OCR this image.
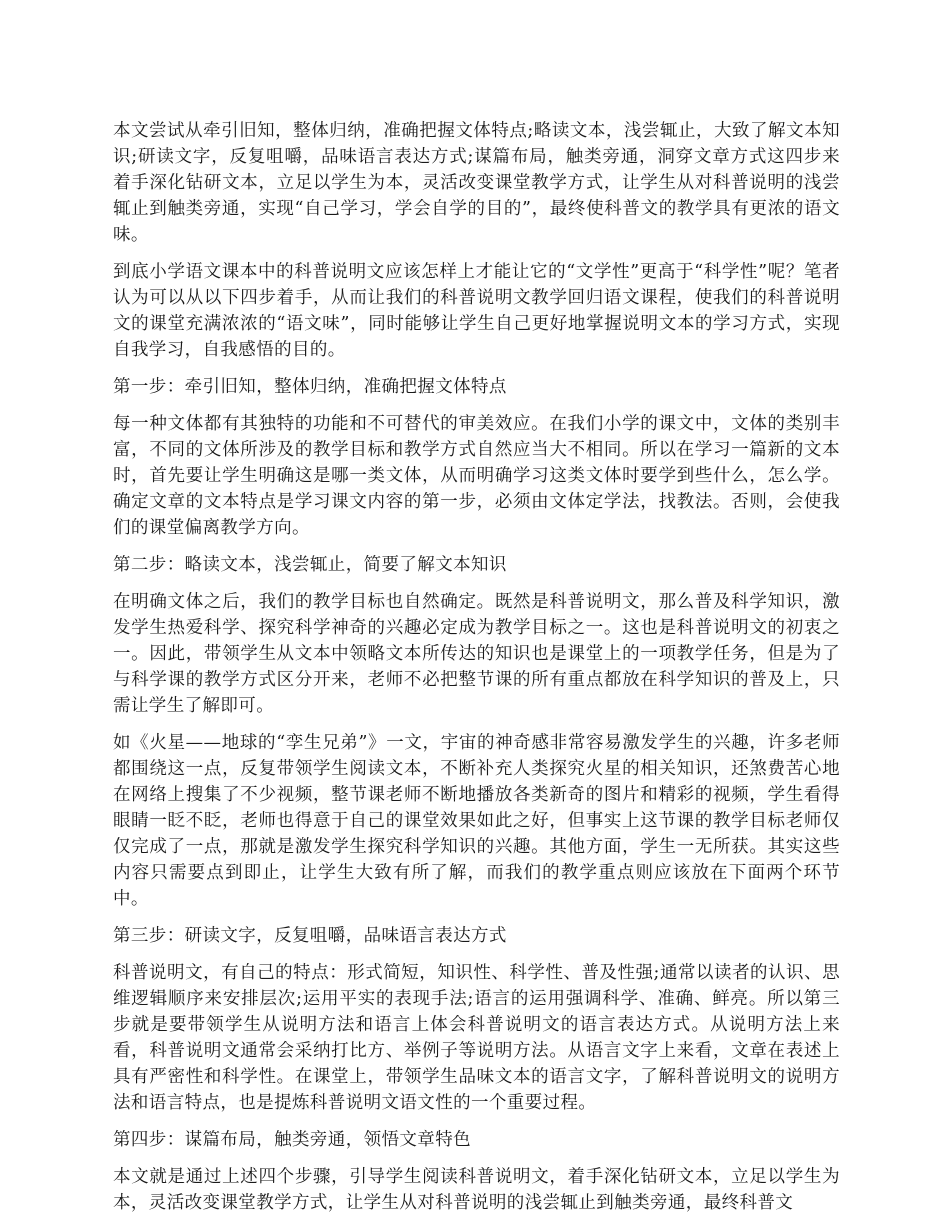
本文尝试从牵引旧知，整体归纳，准确把握文体特点;略读文本，浅尝辄止，大致了解文本知识;研读文字，反复咀嚼，品味语言表达方式;谋篇布局，触类旁通，洞穿文章方式这四步来着手深化钻研文本，立足以学生为本，灵活改变课堂教学方式，让学生从对科普说明的浅尝辄止到触类旁通，实现“自己学习，学会自学的目的”，最终使科普文的教学具有更浓的语文味。

到底小学语文课本中的科普说明文应该怎样上才能让它的“文学性”更高于“科学性”呢？笔者认为可以从以下四步着手，从而让我们的科普说明文教学回归语文课程，使我们的科普说明文的课堂充满浓浓的“语文味”，同时能够让学生自己更好地掌握说明文本的学习方式，实现自我学习，自我感悟的目的。

第一步：牵引旧知，整体归纳，准确把握文体特点

每一种文体都有其独特的功能和不可替代的审美效应。在我们小学的课文中，文体的类别丰富，不同的文体所涉及的教学目标和教学方式自然应当大不相同。所以在学习一篇新的文本时，首先要让学生明确这是哪一类文体，从而明确学习这类文体时要学到些什么，怎么学。确定文章的文本特点是学习课文内容的第一步，必须由文体定学法，找教法。否则，会使我们的课堂偏离教学方向。

第二步：略读文本，浅尝辄止，简要了解文本知识

在明确文体之后，我们的教学目标也自然确定。既然是科普说明文，那么普及科学知识，激发学生热爱科学、探究科学神奇的兴趣必定成为教学目标之一。这也是科普说明文的初衷之一。因此，带领学生从文本中领略文本所传达的知识也是课堂上的一项教学任务，但是为了与科学课的教学方式区分开来，老师不必把整节课的所有重点都放在科学知识的普及上，只需让学生了解即可。

如《火星——地球的“孪生兄弟”》一文，宇宙的神奇感非常容易激发学生的兴趣，许多老师都围绕这一点，反复带领学生阅读文本，不断补充人类探究火星的相关知识，还煞费苦心地在网络上搜集了不少视频，整节课老师不断地播放各类新奇的图片和精彩的视频，学生看得眼睛一眨不眨，老师也得意于自己的课堂效果如此之好，但事实上这节课的教学目标老师仅仅完成了一点，那就是激发学生探究科学知识的兴趣。其他方面，学生一无所获。其实这些内容只需要点到即止，让学生大致有所了解，而我们的教学重点则应该放在下面两个环节中。

第三步：研读文字，反复咀嚼，品味语言表达方式

科普说明文，有自己的特点：形式简短，知识性、科学性、普及性强;通常以读者的认识、思维逻辑顺序来安排层次;运用平实的表现手法;语言的运用强调科学、准确、鲜亮。所以第三步就是要带领学生从说明方法和语言上体会科普说明文的语言表达方式。从说明方法上来看，科普说明文通常会采纳打比方、举例子等说明方法。从语言文字上来看，文章在表述上具有严密性和科学性。在课堂上，带领学生品味文本的语言文字，了解科普说明文的说明方法和语言特点，也是提炼科普说明文语文性的一个重要过程。

第四步：谋篇布局，触类旁通，领悟文章特色

本文就是通过上述四个步骤，引导学生阅读科普说明文，着手深化钻研文本，立足以学生为本，灵活改变课堂教学方式，让学生从对科普说明的浅尝辄止到触类旁通，最终科普文
